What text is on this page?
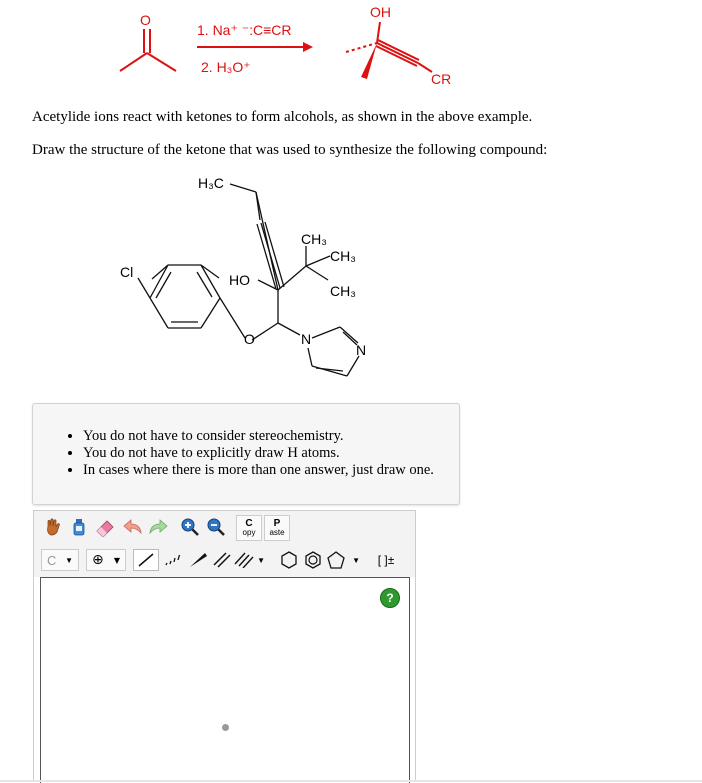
O
1. Na⁺ ⁻:C≡CR
2. H₃O⁺
OH
CR
Acetylide ions react with ketones to form alcohols, as shown in the above example.
Draw the structure of the ketone that was used to synthesize the following compound:
H₃C
CH₃
CH₃
CH₃
HO
Cl
O	N
N
• You do not have to consider stereochemistry.
• You do not have to explicitly draw H atoms.
• In cases where there is more than one answer, just draw one.
C
opy
P
aste
C ▼ ⊕ ▼	▼	▼ [ ]±
?
